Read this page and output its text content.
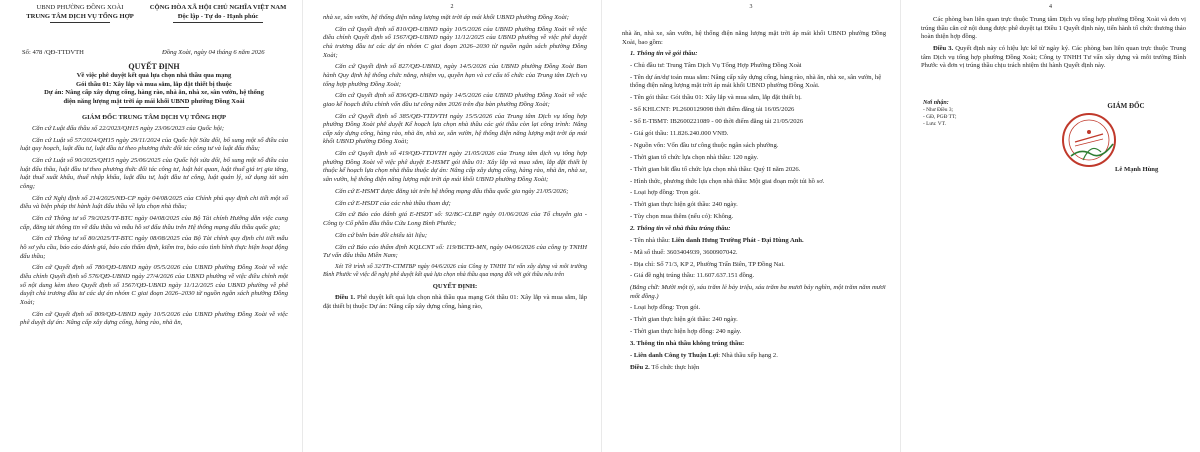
UBND PHƯỜNG ĐỒNG XOÀI
TRUNG TÂM DỊCH VỤ TỔNG HỢP
CỘNG HÒA XÃ HỘI CHỦ NGHĨA VIỆT NAM
Độc lập - Tự do - Hạnh phúc
Số: 478 /QĐ-TTDVTH	Đồng Xoài, ngày 04 tháng 6 năm 2026
QUYẾT ĐỊNH
Về việc phê duyệt kết quả lựa chọn nhà thầu qua mạng
Gói thầu 01: Xây lắp và mua sắm, lắp đặt thiết bị thuộc
Dự án: Nâng cấp xây dựng cổng, hàng rào, nhà ăn, nhà xe, sân vườn, hệ thống
điện năng lượng mặt trời áp mái khối UBND phường Đồng Xoài
GIÁM ĐỐC TRUNG TÂM DỊCH VỤ TỔNG HỢP

Căn cứ Luật đấu thầu số 22/2023/QH15 ngày 23/06/2023 của Quốc hội;

Căn cứ Luật số 57/2024/QH15 ngày 29/11/2024 của Quốc hội Sửa đổi, bổ sung một số điều của luật quy hoạch, luật đầu tư, luật đầu tư theo phương thức đối tác công tư và luật đấu thầu;

Căn cứ Luật số 90/2025/QH15 ngày 25/06/2025 của Quốc hội sửa đổi, bổ sung một số điều của luật đấu thầu, luật đầu tư theo phương thức đối tác công tư, luật hải quan, luật thuế giá trị gia tăng, luật thuế xuất khẩu, thuế nhập khẩu, luật đầu tư, luật đầu tư công, luật quản lý, sử dụng tài sản công;

Căn cứ Nghị định số 214/2025/NĐ-CP ngày 04/08/2025 của Chính phủ quy định chi tiết một số điều và biện pháp thi hành luật đấu thầu về lựa chọn nhà thầu;

Căn cứ Thông tư số 79/2025/TT-BTC ngày 04/08/2025 của Bộ Tài chính Hướng dẫn việc cung cấp, đăng tải thông tin về đấu thầu và mẫu hồ sơ đấu thầu trên Hệ thống mạng đấu thầu quốc gia;

Căn cứ Thông tư số 80/2025/TT-BTC ngày 08/08/2025 của Bộ Tài chính quy định chi tiết mẫu hồ sơ yêu cầu, báo cáo đánh giá, báo cáo thẩm định, kiểm tra, báo cáo tình hình thực hiện hoạt động đấu thầu;

Căn cứ Quyết định số 780/QĐ-UBND ngày 05/5/2026 của UBND phường Đồng Xoài về việc điều chỉnh Quyết định số 576/QĐ-UBND ngày 27/4/2026 của UBND phường về việc điều chỉnh một số nội dung kèm theo Quyết định số 1567/QĐ-UBND ngày 11/12/2025 của UBND phường về phê duyệt chủ trương đầu tư các dự án nhóm C giai đoạn 2026–2030 từ nguồn ngân sách phường Đồng Xoài;

Căn cứ Quyết định số 809/QĐ-UBND ngày 10/5/2026 của UBND phường Đồng Xoài về việc phê duyệt dự án: Nâng cấp xây dựng cổng, hàng rào, nhà ăn,

2

nhà xe, sân vườn, hệ thống điện năng lượng mặt trời áp mái khối UBND phường Đồng Xoài;

Căn cứ Quyết định số 810/QĐ-UBND ngày 10/5/2026 của UBND phường Đồng Xoài về việc điều chỉnh Quyết định số 1567/QĐ-UBND ngày 11/12/2025 của UBND phường về việc phê duyệt chủ trương đầu tư các dự án nhóm C giai đoạn 2026–2030 từ nguồn ngân sách phường Đồng Xoài;

Căn cứ Quyết định số 827/QĐ-UBND, ngày 14/5/2026 của UBND phường Đồng Xoài Ban hành Quy định hệ thống chức năng, nhiệm vụ, quyền hạn và cơ cấu tổ chức của Trung tâm Dịch vụ tổng hợp phường Đồng Xoài;

Căn cứ Quyết định số 836/QĐ-UBND ngày 14/5/2026 của UBND phường Đồng Xoài về việc giao kế hoạch điều chỉnh vốn đầu tư công năm 2026 trên địa bàn phường Đồng Xoài;

Căn cứ Quyết định số 385/QĐ-TTDVTH ngày 15/5/2026 của Trung tâm Dịch vụ tổng hợp phường Đồng Xoài phê duyệt Kế hoạch lựa chọn nhà thầu các gói thầu còn lại công trình: Nâng cấp xây dựng cổng, hàng rào, nhà ăn, nhà xe, sân vườn, hệ thống điện năng lượng mặt trời áp mái khối UBND phường Đồng Xoài;

Căn cứ Quyết định số 419/QĐ-TTDVTH ngày 21/05/2026 của Trung tâm dịch vụ tổng hợp phường Đồng Xoài về việc phê duyệt E-HSMT gói thầu 01: Xây lắp và mua sắm, lắp đặt thiết bị thuộc kế hoạch lựa chọn nhà thầu thuộc dự án: Nâng cấp xây dựng cổng, hàng rào, nhà ăn, nhà xe, sân vườn, hệ thống điện năng lượng mặt trời áp mái khối UBND phường Đồng Xoài;

Căn cứ E-HSMT được đăng tải trên hệ thống mạng đấu thầu quốc gia ngày 21/05/2026;

Căn cứ E-HSDT của các nhà thầu tham dự;

Căn cứ Báo cáo đánh giá E-HSDT số: 92/BC-CLBP ngày 01/06/2026 của Tổ chuyên gia - Công ty Cổ phần đầu thầu Cửu Long Bình Phước;

Căn cứ biên bản đối chiếu tài liệu;

Căn cứ Báo cáo thẩm định KQLCNT số: 119/BCTĐ-MN, ngày 04/06/2026 của công ty TNHH Tư vấn đấu thầu Miền Nam;

Xét Tờ trình số 32/TTr-CTMTBP ngày 04/6/2026 của Công ty TNHH Tư vấn xây dựng và môi trường Bình Phước về việc đề nghị phê duyệt kết quả lựa chọn nhà thầu qua mạng đối với gói thầu nêu trên

QUYẾT ĐỊNH:

Điều 1. Phê duyệt kết quả lựa chọn nhà thầu qua mạng Gói thầu 01: Xây lắp và mua sắm, lắp đặt thiết bị thuộc Dự án: Nâng cấp xây dựng cổng, hàng rào,

3

nhà ăn, nhà xe, sân vườn, hệ thống điện năng lượng mặt trời áp mái khối UBND phường Đồng Xoài, bao gồm:

1. Thông tin về gói thầu:
- Chủ đầu tư: Trung Tâm Dịch Vụ Tổng Hợp Phường Đồng Xoài
- Tên dự án/dự toán mua sắm: Nâng cấp xây dựng cổng, hàng rào, nhà ăn, nhà xe, sân vườn, hệ thống điện năng lượng mặt trời áp mái khối UBND phường Đồng Xoài.
- Tên gói thầu: Gói thầu 01: Xây lắp và mua sắm, lắp đặt thiết bị.
- Số KHLCNT: PL2600129098 thời điểm đăng tải 16/05/2026
- Số E-TBMT: IB2600221089 - 00 thời điểm đăng tải 21/05/2026
- Giá gói thầu: 11.826.240.000 VNĐ.
- Nguồn vốn: Vốn đầu tư công thuộc ngân sách phường.
- Thời gian tổ chức lựa chọn nhà thầu: 120 ngày.
- Thời gian bắt đầu tổ chức lựa chọn nhà thầu: Quý II năm 2026.
- Hình thức, phương thức lựa chọn nhà thầu: Một giai đoạn một túi hồ sơ.
- Loại hợp đồng: Trọn gói.
- Thời gian thực hiện gói thầu: 240 ngày.
- Tùy chọn mua thêm (nếu có): Không.
2. Thông tin về nhà thầu trúng thầu:
- Tên nhà thầu: Liên danh Hưng Trường Phát - Đại Hùng Anh.
- Mã số thuế: 3603404939, 3600907042.
- Địa chỉ: Số 71/3, KP 2, Phường Trấn Biên, TP Đồng Nai.
- Giá đề nghị trúng thầu: 11.607.637.151 đồng.
(Bằng chữ: Mười một tỷ, sáu trăm lẻ bảy triệu, sáu trăm ba mươi bảy nghìn, một trăm năm mươi mốt đồng.)
- Loại hợp đồng: Trọn gói.
- Thời gian thực hiện gói thầu: 240 ngày.
- Thời gian thực hiện hợp đồng: 240 ngày.
3. Thông tin nhà thầu không trúng thầu:
- Liên danh Công ty Thuận Lợi: Nhà thầu xếp hạng 2.
Điều 2. Tổ chức thực hiện
4

Các phòng ban liên quan trực thuộc Trung tâm Dịch vụ tổng hợp phường Đồng Xoài và đơn vị trúng thầu căn cứ nội dung được phê duyệt tại Điều 1 Quyết định này, tiến hành tổ chức thương thảo hoàn thiện hợp đồng.

Điều 3. Quyết định này có hiệu lực kể từ ngày ký. Các phòng ban liên quan trực thuộc Trung tâm Dịch vụ tổng hợp phường Đồng Xoài; Công ty TNHH Tư vấn xây dựng và môi trường Bình Phước và đơn vị trúng thầu chịu trách nhiệm thi hành Quyết định này.

Nơi nhận:
- Như Điều 3;
- GĐ, PGĐ TT;
- Lưu: VT.
GIÁM ĐỐC
Lê Mạnh Hùng
